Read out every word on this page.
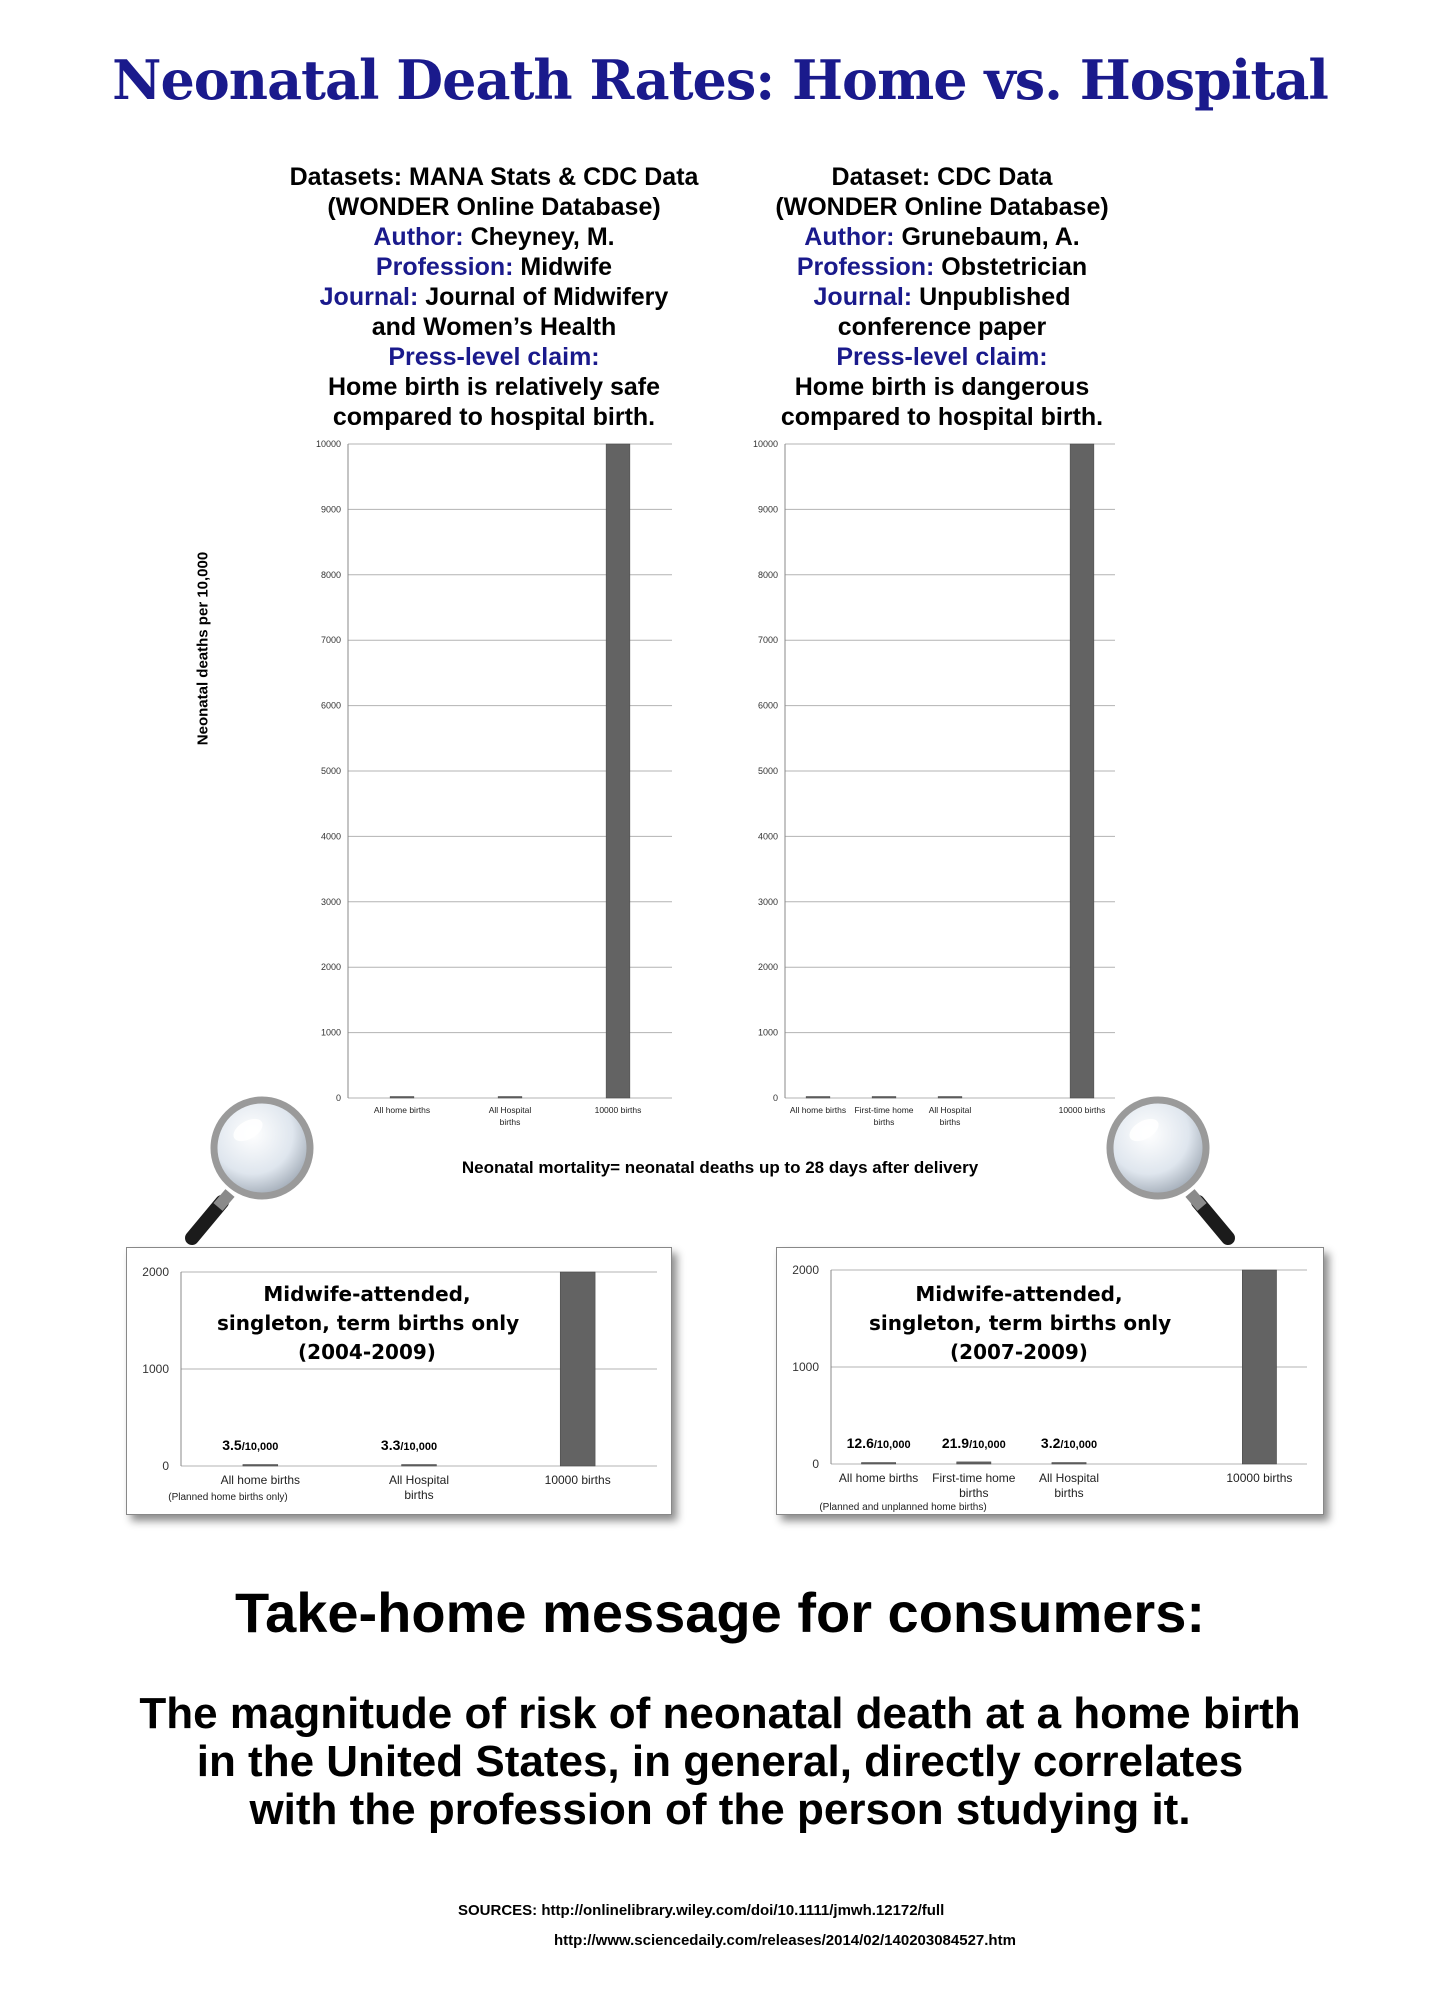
Neonatal Death Rates: Home vs. Hospital
Datasets: MANA Stats & CDC Data
(WONDER Online Database)
Author: Cheyney, M.
Profession: Midwife
Journal: Journal of Midwifery
and Women’s Health
Press-level claim:
Home birth is relatively safe
compared to hospital birth.
Dataset: CDC Data
(WONDER Online Database)
Author: Grunebaum, A.
Profession: Obstetrician
Journal: Unpublished
conference paper
Press-level claim:
Home birth is dangerous
compared to hospital birth.
Neonatal deaths per 10,000
0
1000
2000
3000
4000
5000
6000
7000
8000
9000
10000
All home births	All Hospital
births
10000 births
0
1000
2000
3000
4000
5000
6000
7000
8000
9000
10000
All home births First-time home
births
All Hospital
births
10000 births
Neonatal mortality= neonatal deaths up to 28 days after delivery
0
1000
2000
All home births	All Hospital
births
10000 births
3.5/10,000	3.3/10,000
(Planned home births only)
Midwife-attended,
singleton, term births only
(2004-2009)
0
1000
2000
All home births First-time home
births
All Hospital
births
10000 births
12.6/10,000 21.9/10,000	3.2/10,000
(Planned and unplanned home births)
Midwife-attended,
singleton, term births only
(2007-2009)
Take-home message for consumers:
The magnitude of risk of neonatal death at a home birth
in the United States, in general, directly correlates
with the profession of the person studying it.
SOURCES: http://onlinelibrary.wiley.com/doi/10.1111/jmwh.12172/full
http://www.sciencedaily.com/releases/2014/02/140203084527.htm
